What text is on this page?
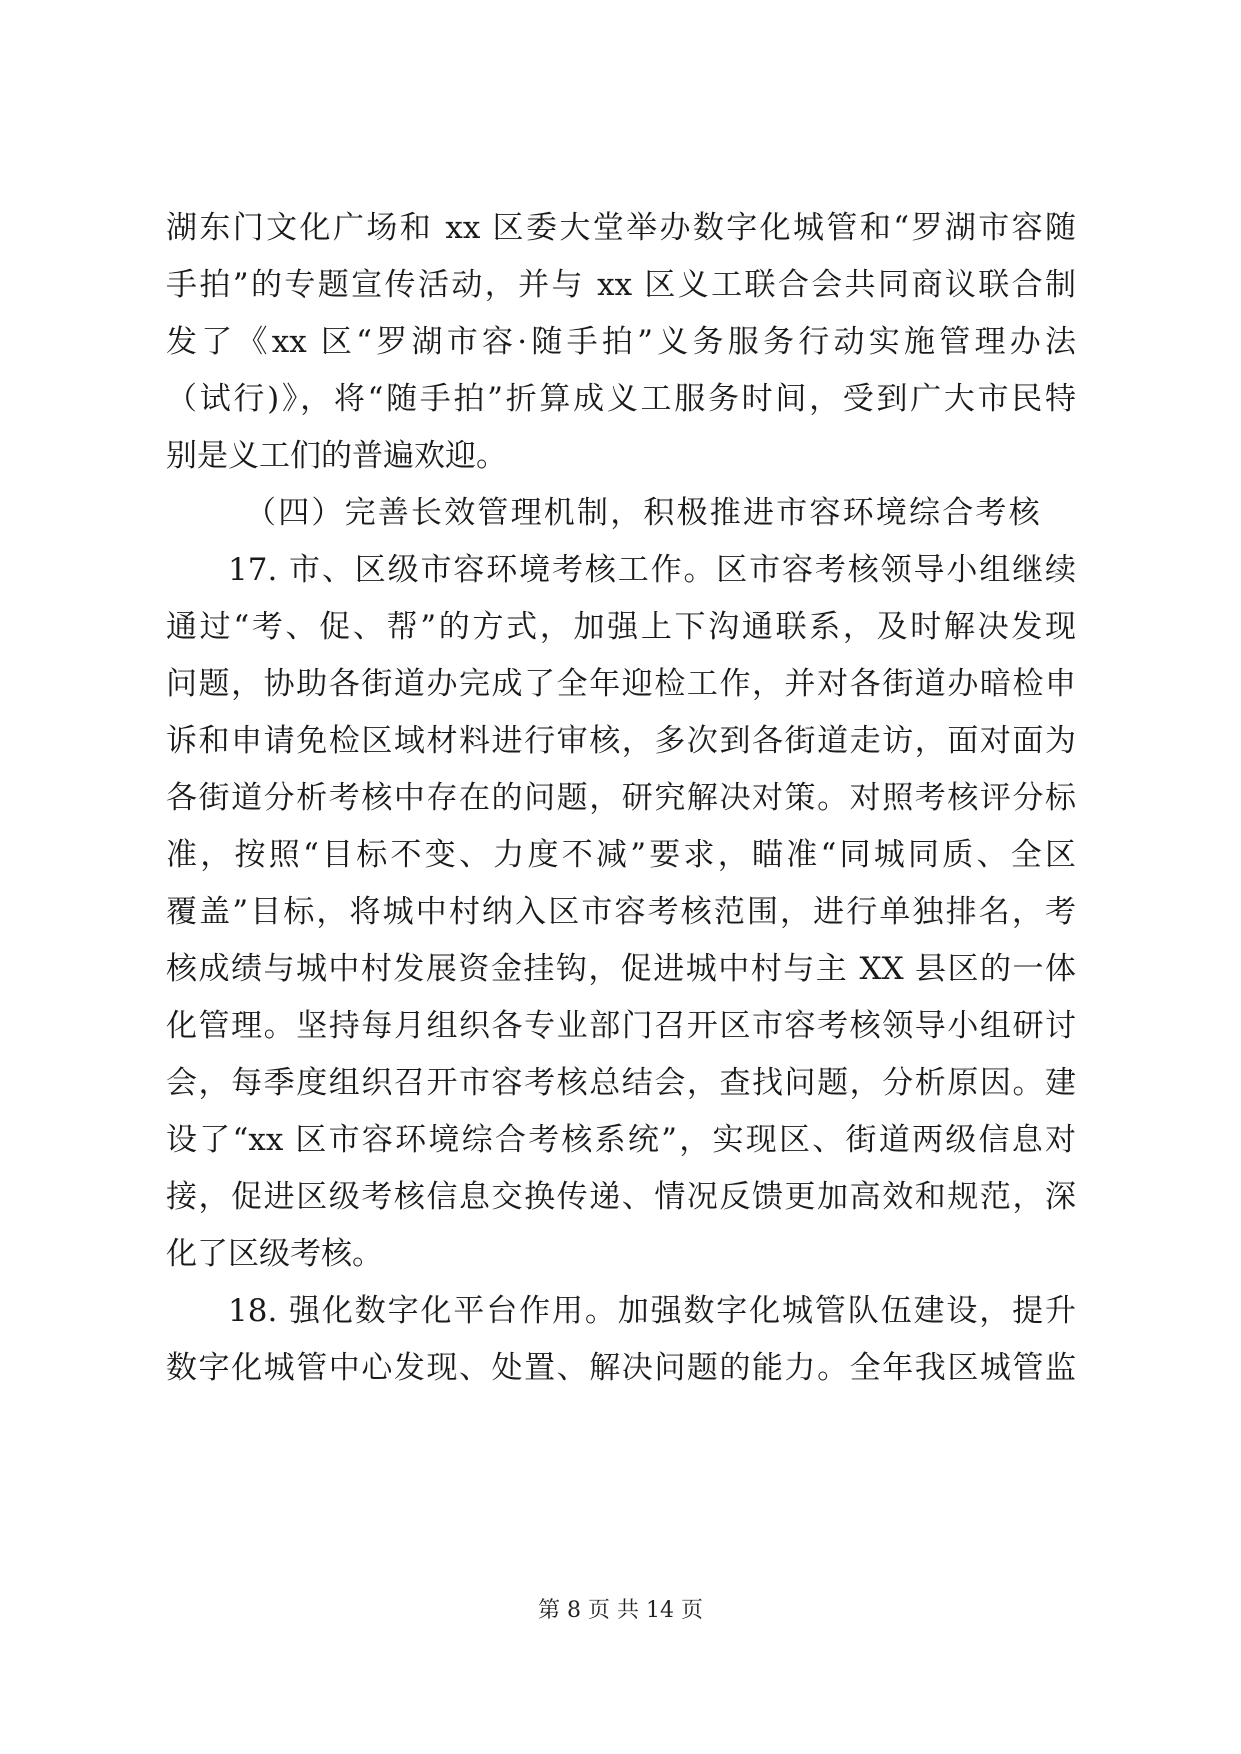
湖东门文化广场和 xx 区委大堂举办数字化城管和“罗湖市容随
手拍”的专题宣传活动，并与 xx 区义工联合会共同商议联合制
发了《xx 区“罗湖市容·随手拍”义务服务行动实施管理办法
（试行)》，将“随手拍”折算成义工服务时间，受到广大市民特
别是义工们的普遍欢迎。
（四）完善长效管理机制，积极推进市容环境综合考核
17. 市、区级市容环境考核工作。区市容考核领导小组继续
通过“考、促、帮”的方式，加强上下沟通联系，及时解决发现
问题，协助各街道办完成了全年迎检工作，并对各街道办暗检申
诉和申请免检区域材料进行审核，多次到各街道走访，面对面为
各街道分析考核中存在的问题，研究解决对策。对照考核评分标
准，按照“目标不变、力度不减”要求，瞄准“同城同质、全区
覆盖”目标，将城中村纳入区市容考核范围，进行单独排名，考
核成绩与城中村发展资金挂钩，促进城中村与主 XX 县区的一体
化管理。坚持每月组织各专业部门召开区市容考核领导小组研讨
会，每季度组织召开市容考核总结会，查找问题，分析原因。建
设了“xx 区市容环境综合考核系统”，实现区、街道两级信息对
接，促进区级考核信息交换传递、情况反馈更加高效和规范，深
化了区级考核。
18. 强化数字化平台作用。加强数字化城管队伍建设，提升
数字化城管中心发现、处置、解决问题的能力。全年我区城管监
第 8 页 共 14 页
